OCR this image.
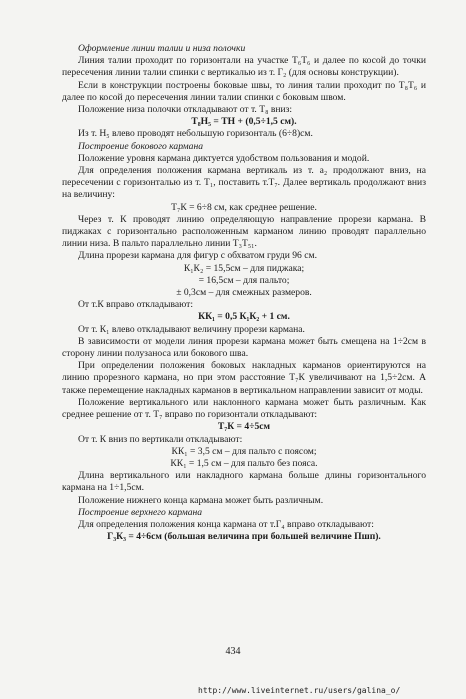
Оформление линии талии и низа полочки

Линия талии проходит по горизонтали на участке Т₆Т₆ и далее по косой до точки пересечения линии талии спинки с вертикалью из т. Г₂ (для основы конструкции).

Если в конструкции построены боковые швы, то линия талии проходит по Т₈Т₆ и далее по косой до пересечения линии талии спинки с боковым швом.

Положение низа полочки откладывают от т. Т₈ вниз:

Т₈Н₅ = ТН + (0,5÷1,5 см).

Из т. Н₅ влево проводят небольшую горизонталь (6÷8)см.

Построение бокового кармана

Положение уровня кармана диктуется удобством пользования и модой.

Для определения положения кармана вертикаль из т. а₂ продолжают вниз, на пересечении с горизонталью из т. Т₁, поставить т.Т₇. Далее вертикаль продолжают вниз на величину:

Т₇К = 6÷8 см, как среднее решение.

Через т. К проводят линию определяющую направление прорези кармана. В пиджаках с горизонтально расположенным карманом линию проводят параллельно линии низа. В пальто параллельно линии Т₃Т₅₁.

Длина прорези кармана для фигур с обхватом груди 96 см.

К₁К₂ = 15,5см – для пиджака;

= 16,5см – для пальто;

± 0,3см – для смежных размеров.

От т.К вправо откладывают:

КК₁ = 0,5 К₁К₂ + 1 см.

От т. К₁ влево откладывают величину прорези кармана.

В зависимости от модели линия прорези кармана может быть смещена на 1÷2см в сторону линии полузаноса или бокового шва.

При определении положения боковых накладных карманов ориентируются на линию прорезного кармана, но при этом расстояние Т₇К увеличивают на 1,5÷2см. А также перемещение накладных карманов в вертикальном направлении зависит от моды.

Положение вертикального или наклонного кармана может быть различным. Как среднее решение от т. Т₇ вправо по горизонтали откладывают:

Т₇К = 4÷5см

От т. К вниз по вертикали откладывают:

КК₁ = 3,5 см – для пальто с поясом;

КК₁ = 1,5 см – для пальто без пояса.

Длина вертикального или накладного кармана больше длины горизонтального кармана на 1÷1,5см.

Положение нижнего конца кармана может быть различным.

Построение верхнего кармана

Для определения положения конца кармана от т.Г₄ вправо откладывают:

Г₃К₃ = 4÷6см (большая величина при большей величине Пшп).

434
http://www.liveinternet.ru/users/galina_o/
